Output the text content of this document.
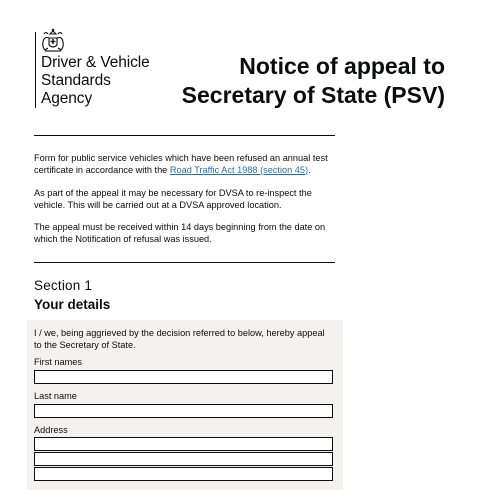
Driver & Vehicle
Standards
Agency
Notice of appeal to
Secretary of State (PSV)
Form for public service vehicles which have been refused an annual test certificate in accordance with the Road Traffic Act 1988 (section 45).
As part of the appeal it may be necessary for DVSA to re-inspect the vehicle. This will be carried out at a DVSA approved location.
The appeal must be received within 14 days beginning from the date on which the Notification of refusal was issued.
Section 1
Your details
I / we, being aggrieved by the decision referred to below, hereby appeal to the Secretary of State.
First names
Last name
Address
